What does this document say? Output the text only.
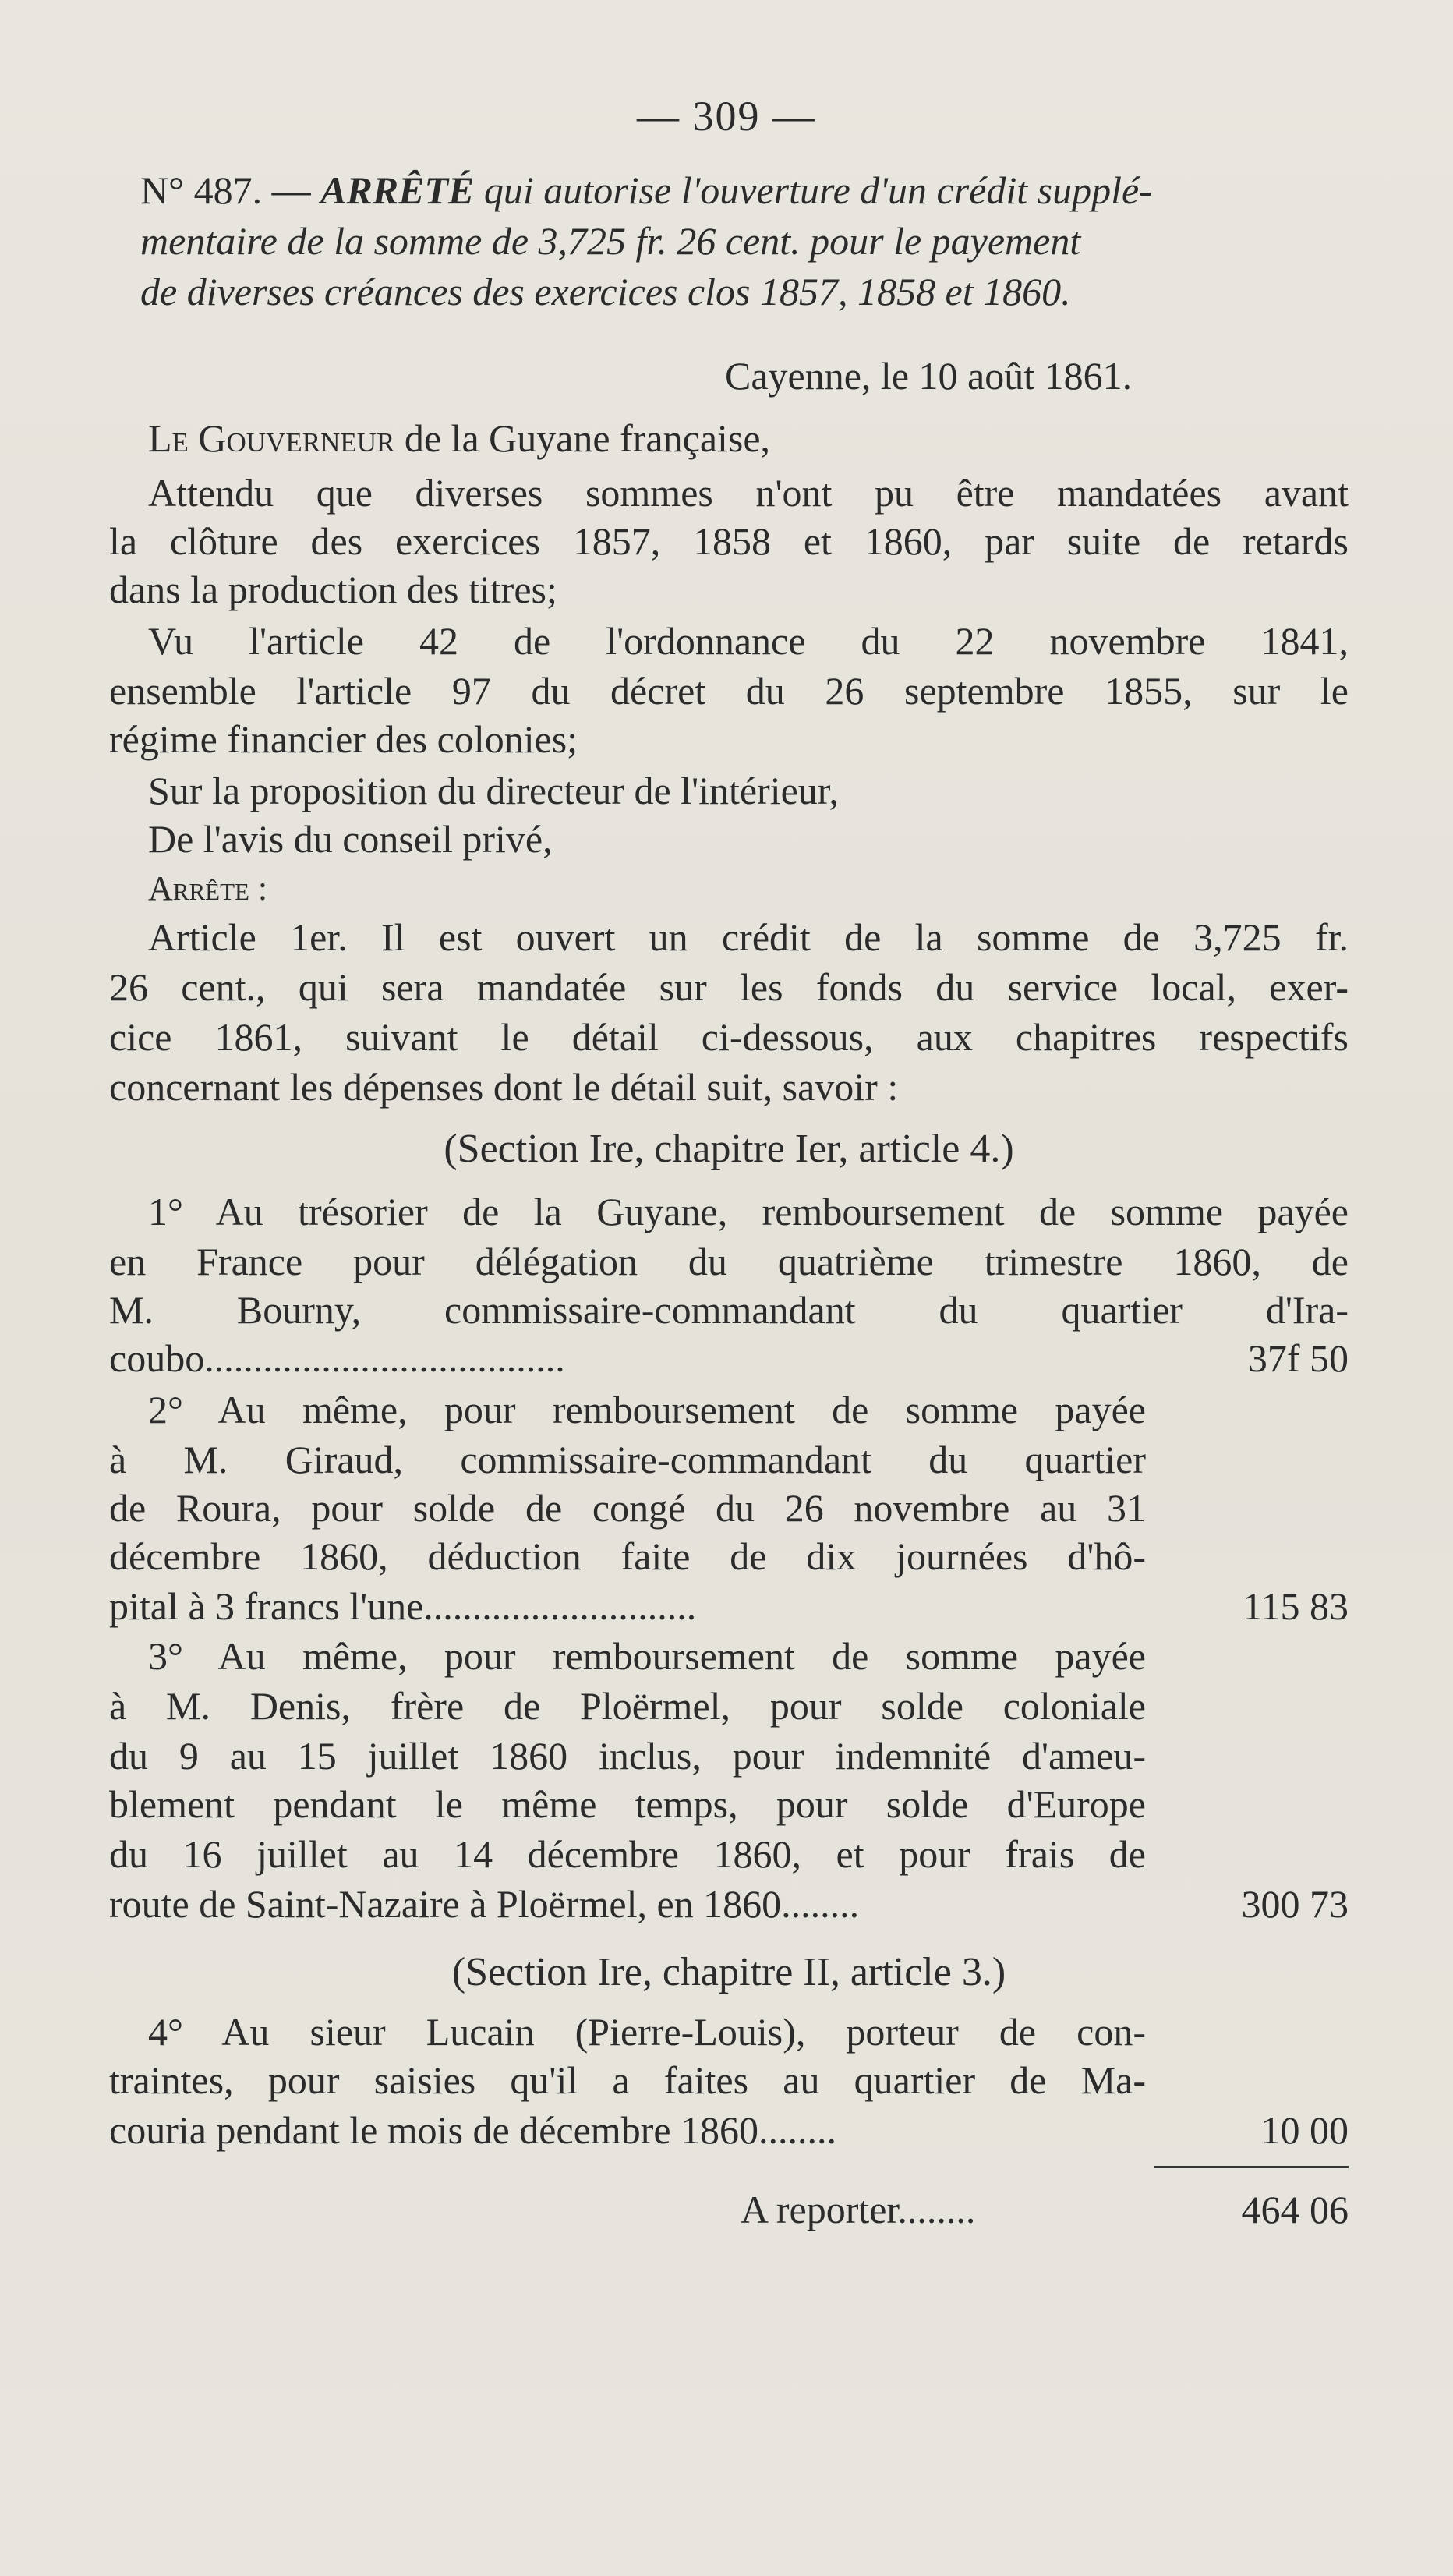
— 309 —
N° 487. — ARRÊTÉ qui autorise l'ouverture d'un crédit supplé-
mentaire de la somme de 3,725 fr. 26 cent. pour le payement
de diverses créances des exercices clos 1857, 1858 et 1860.
Cayenne, le 10 août 1861.
Le Gouverneur de la Guyane française,
Attendu que diverses sommes n'ont pu être mandatées avant
la clôture des exercices 1857, 1858 et 1860, par suite de retards
dans la production des titres;
Vu l'article 42 de l'ordonnance du 22 novembre 1841,
ensemble l'article 97 du décret du 26 septembre 1855, sur le
régime financier des colonies;
Sur la proposition du directeur de l'intérieur,
De l'avis du conseil privé,
Arrête :
Article 1er. Il est ouvert un crédit de la somme de 3,725 fr.
26 cent., qui sera mandatée sur les fonds du service local, exer-
cice 1861, suivant le détail ci-dessous, aux chapitres respectifs
concernant les dépenses dont le détail suit, savoir :
(Section Ire, chapitre Ier, article 4.)
1° Au trésorier de la Guyane, remboursement de somme payée
en France pour délégation du quatrième trimestre 1860, de
M. Bourny, commissaire-commandant du quartier d'Ira-
coubo.....................................	37f 50
2° Au même, pour remboursement de somme payée
à M. Giraud, commissaire-commandant du quartier
de Roura, pour solde de congé du 26 novembre au 31
décembre 1860, déduction faite de dix journées d'hô-
pital à 3 francs l'une............................	115 83
3° Au même, pour remboursement de somme payée
à M. Denis, frère de Ploërmel, pour solde coloniale
du 9 au 15 juillet 1860 inclus, pour indemnité d'ameu-
blement pendant le même temps, pour solde d'Europe
du 16 juillet au 14 décembre 1860, et pour frais de
route de Saint-Nazaire à Ploërmel, en 1860........	300 73
(Section Ire, chapitre II, article 3.)
4° Au sieur Lucain (Pierre-Louis), porteur de con-
traintes, pour saisies qu'il a faites au quartier de Ma-
couria pendant le mois de décembre 1860........	10 00
A reporter........	464 06
